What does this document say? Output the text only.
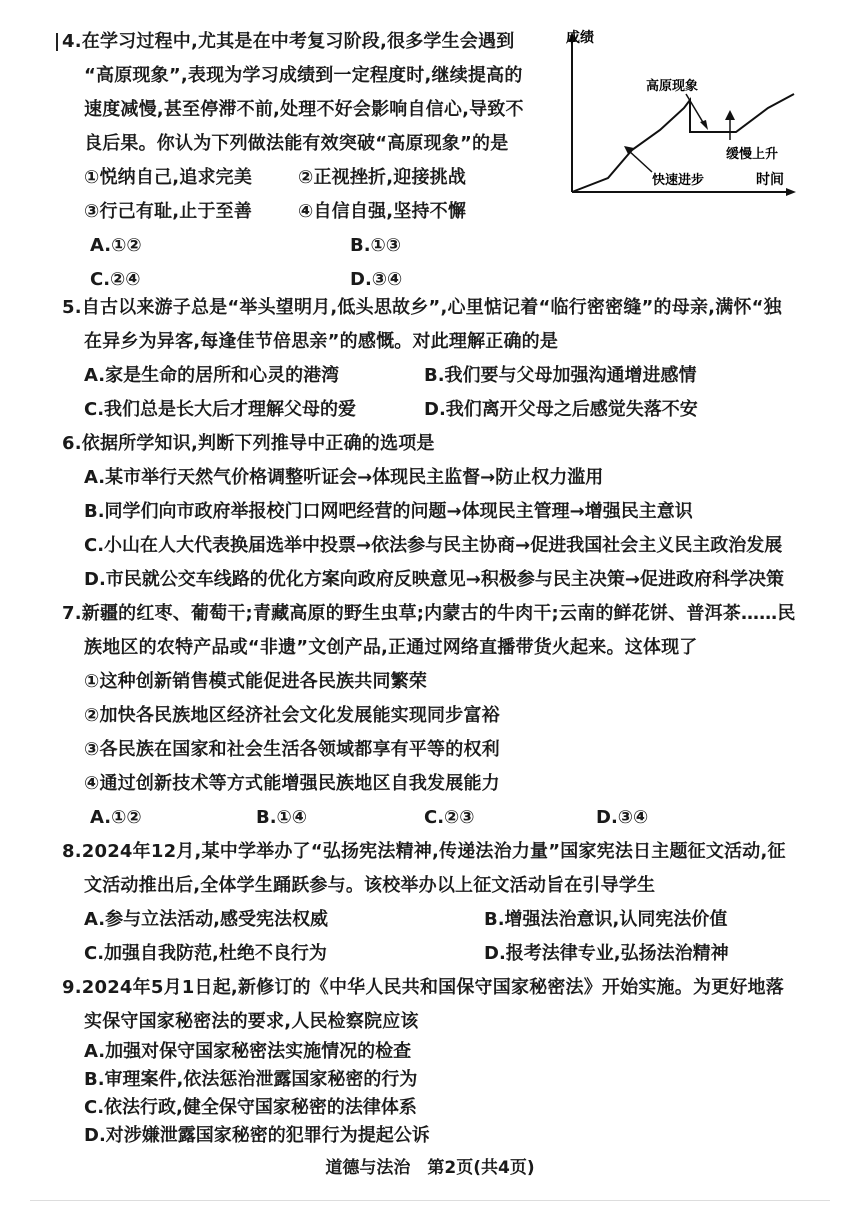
4.在学习过程中,尤其是在中考复习阶段,很多学生会遇到
“高原现象”,表现为学习成绩到一定程度时,继续提高的
速度减慢,甚至停滞不前,处理不好会影响自信心,导致不
良后果。你认为下列做法能有效突破“高原现象”的是
①悦纳自己,追求完美	②正视挫折,迎接挑战
③行己有耻,止于至善	④自信自强,坚持不懈
A.①②	B.①③
C.②④	D.③④
成绩
时间
高原现象
快速进步
缓慢上升
5.自古以来游子总是“举头望明月,低头思故乡”,心里惦记着“临行密密缝”的母亲,满怀“独
在异乡为异客,每逢佳节倍思亲”的感慨。对此理解正确的是
A.家是生命的居所和心灵的港湾	B.我们要与父母加强沟通增进感情
C.我们总是长大后才理解父母的爱	D.我们离开父母之后感觉失落不安
6.依据所学知识,判断下列推导中正确的选项是
A.某市举行天然气价格调整听证会→体现民主监督→防止权力滥用
B.同学们向市政府举报校门口网吧经营的问题→体现民主管理→增强民主意识
C.小山在人大代表换届选举中投票→依法参与民主协商→促进我国社会主义民主政治发展
D.市民就公交车线路的优化方案向政府反映意见→积极参与民主决策→促进政府科学决策
7.新疆的红枣、葡萄干;青藏高原的野生虫草;内蒙古的牛肉干;云南的鲜花饼、普洱茶……民
族地区的农特产品或“非遗”文创产品,正通过网络直播带货火起来。这体现了
①这种创新销售模式能促进各民族共同繁荣
②加快各民族地区经济社会文化发展能实现同步富裕
③各民族在国家和社会生活各领域都享有平等的权利
④通过创新技术等方式能增强民族地区自我发展能力
A.①②	B.①④	C.②③	D.③④
8.2024年12月,某中学举办了“弘扬宪法精神,传递法治力量”国家宪法日主题征文活动,征
文活动推出后,全体学生踊跃参与。该校举办以上征文活动旨在引导学生
A.参与立法活动,感受宪法权威	B.增强法治意识,认同宪法价值
C.加强自我防范,杜绝不良行为	D.报考法律专业,弘扬法治精神
9.2024年5月1日起,新修订的《中华人民共和国保守国家秘密法》开始实施。为更好地落
实保守国家秘密法的要求,人民检察院应该
A.加强对保守国家秘密法实施情况的检查
B.审理案件,依法惩治泄露国家秘密的行为
C.依法行政,健全保守国家秘密的法律体系
D.对涉嫌泄露国家秘密的犯罪行为提起公诉
道德与法治　第2页(共4页)
